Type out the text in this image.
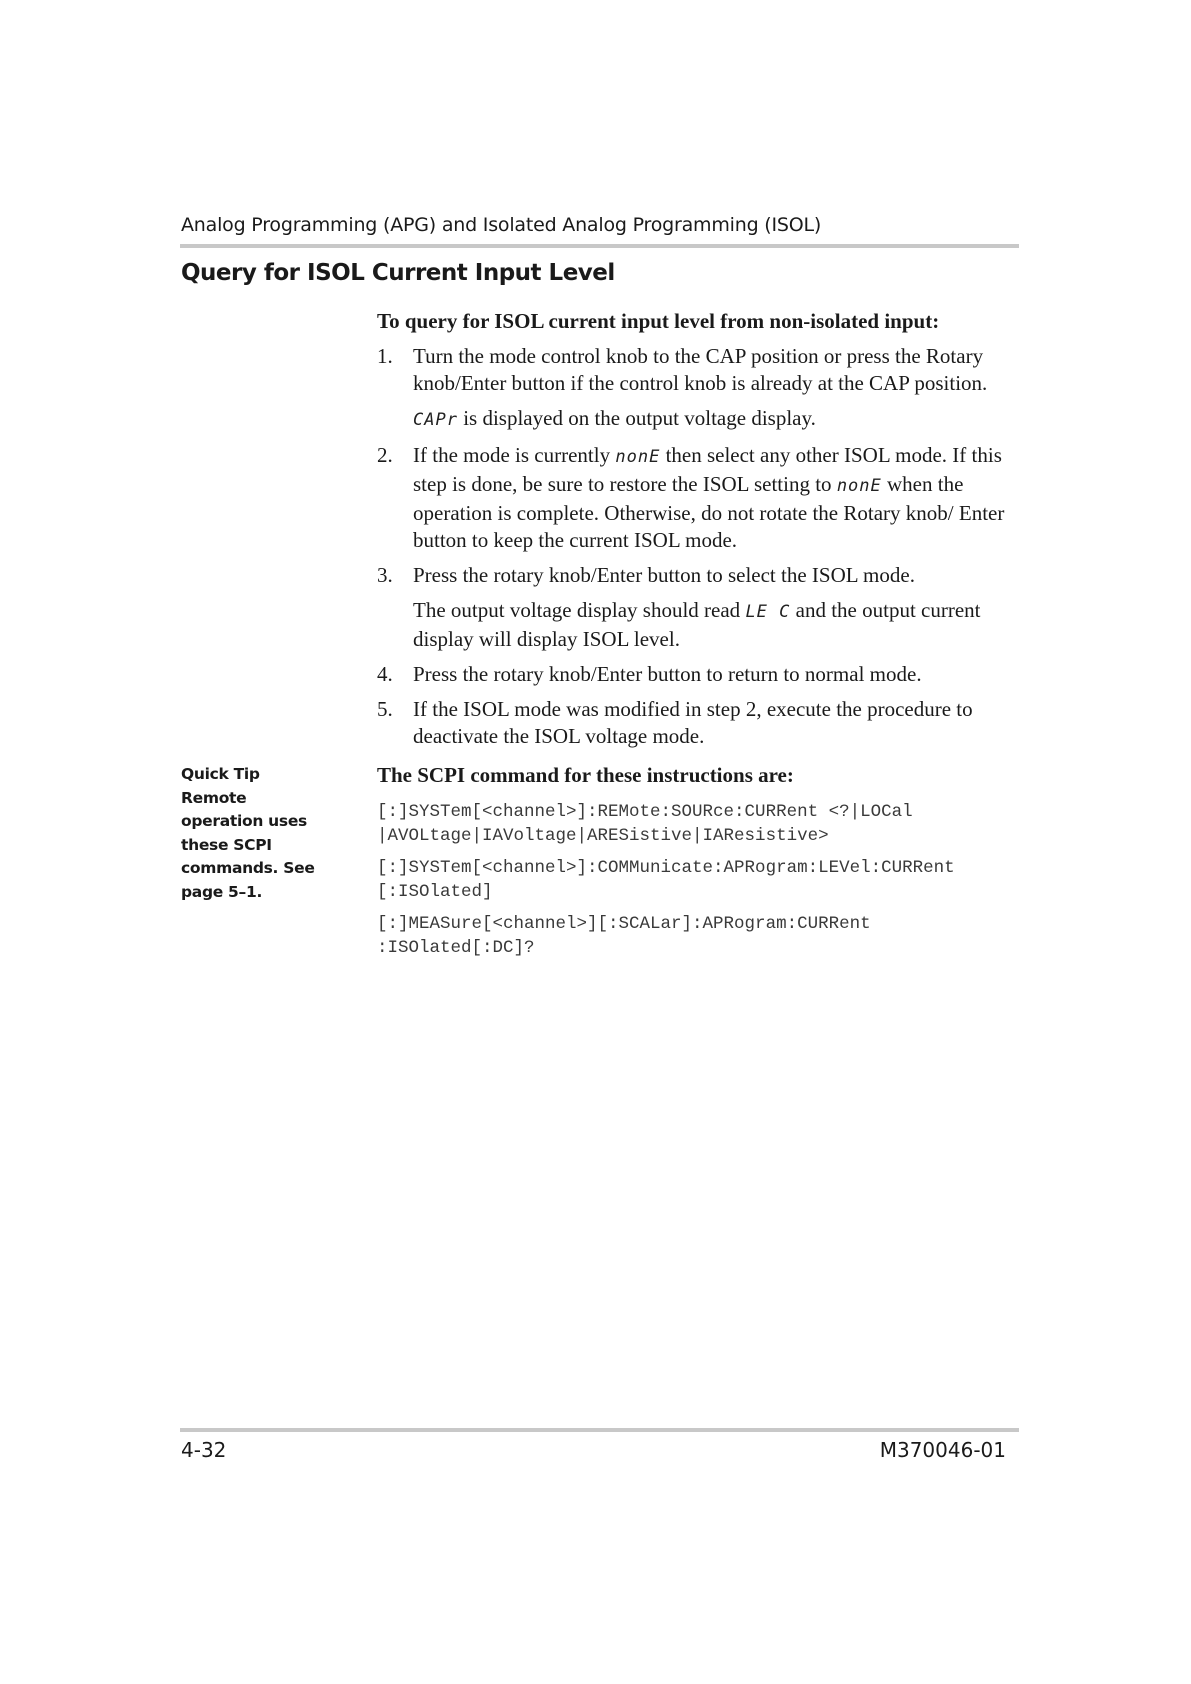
Analog Programming (APG) and Isolated Analog Programming (ISOL)
Query for ISOL Current Input Level
To query for ISOL current input level from non-isolated input:
1. Turn the mode control knob to the CAP position or press the Rotary knob/Enter button if the control knob is already at the CAP position.
CAPr is displayed on the output voltage display.
2. If the mode is currently nonE then select any other ISOL mode. If this step is done, be sure to restore the ISOL setting to nonE when the operation is complete. Otherwise, do not rotate the Rotary knob/ Enter button to keep the current ISOL mode.
3. Press the rotary knob/Enter button to select the ISOL mode.
The output voltage display should read LE C and the output current display will display ISOL level.
4. Press the rotary knob/Enter button to return to normal mode.
5. If the ISOL mode was modified in step 2, execute the procedure to deactivate the ISOL voltage mode.
Quick Tip
Remote operation uses these SCPI commands. See page 5–1.
The SCPI command for these instructions are:
[:]SYSTem[<channel>]:REMote:SOURce:CURRent <?|LOCal
|AVOLtage|IAVoltage|ARESistive|IAResistive>
[:]SYSTem[<channel>]:COMMunicate:APRogram:LEVel:CURRent
[:ISOlated]
[:]MEASure[<channel>][:SCALar]:APRogram:CURRent
:ISOlated[:DC]?
4-32	M370046-01
